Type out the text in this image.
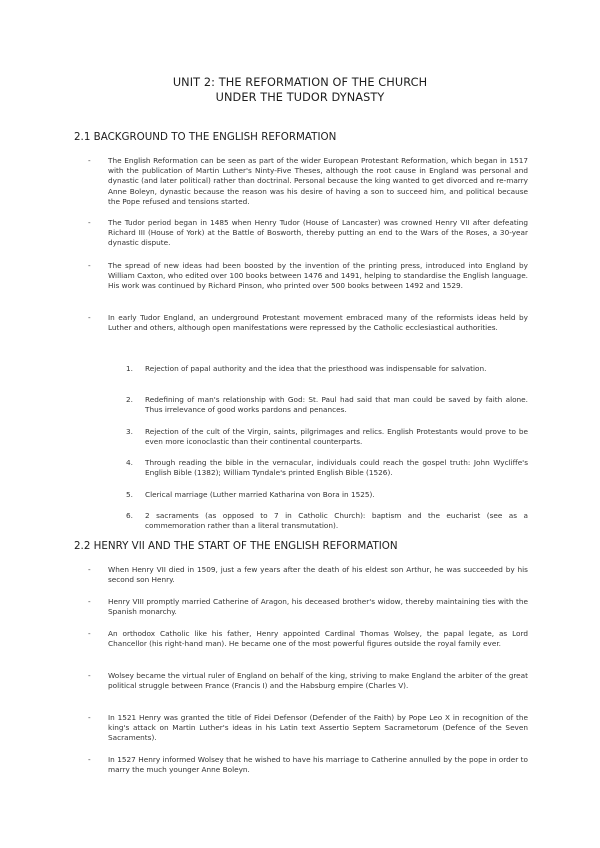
UNIT 2: THE REFORMATION OF THE CHURCH
UNDER THE TUDOR DYNASTY
2.1 BACKGROUND TO THE ENGLISH REFORMATION
- The English Reformation can be seen as part of the wider European Protestant Reformation, which began in 1517 with the publication of Martin Luther's Ninty-Five Theses, although the root cause in England was personal and dynastic (and later political) rather than doctrinal. Personal because the king wanted to get divorced and re-marry Anne Boleyn, dynastic because the reason was his desire of having a son to succeed him, and political because the Pope refused and tensions started.
- The Tudor period began in 1485 when Henry Tudor (House of Lancaster) was crowned Henry VII after defeating Richard III (House of York) at the Battle of Bosworth, thereby putting an end to the Wars of the Roses, a 30-year dynastic dispute.
- The spread of new ideas had been boosted by the invention of the printing press, introduced into England by William Caxton, who edited over 100 books between 1476 and 1491, helping to standardise the English language. His work was continued by Richard Pinson, who printed over 500 books between 1492 and 1529.
- In early Tudor England, an underground Protestant movement embraced many of the reformists ideas held by Luther and others, although open manifestations were repressed by the Catholic ecclesiastical authorities.
1. Rejection of papal authority and the idea that the priesthood was indispensable for salvation.
2. Redefining of man's relationship with God: St. Paul had said that man could be saved by faith alone. Thus irrelevance of good works pardons and penances.
3. Rejection of the cult of the Virgin, saints, pilgrimages and relics. English Protestants would prove to be even more iconoclastic than their continental counterparts.
4. Through reading the bible in the vernacular, individuals could reach the gospel truth: John Wycliffe's English Bible (1382); William Tyndale's printed English Bible (1526).
5. Clerical marriage (Luther married Katharina von Bora in 1525).
6. 2 sacraments (as opposed to 7 in Catholic Church): baptism and the eucharist (see as a commemoration rather than a literal transmutation).
2.2 HENRY VII AND THE START OF THE ENGLISH REFORMATION
- When Henry VII died in 1509, just a few years after the death of his eldest son Arthur, he was succeeded by his second son Henry.
- Henry VIII promptly married Catherine of Aragon, his deceased brother's widow, thereby maintaining ties with the Spanish monarchy.
- An orthodox Catholic like his father, Henry appointed Cardinal Thomas Wolsey, the papal legate, as Lord Chancellor (his right-hand man). He became one of the most powerful figures outside the royal family ever.
- Wolsey became the virtual ruler of England on behalf of the king, striving to make England the arbiter of the great political struggle between France (Francis I) and the Habsburg empire (Charles V).
- In 1521 Henry was granted the title of Fidei Defensor (Defender of the Faith) by Pope Leo X in recognition of the king's attack on Martin Luther's ideas in his Latin text Assertio Septem Sacrametorum (Defence of the Seven Sacraments).
- In 1527 Henry informed Wolsey that he wished to have his marriage to Catherine annulled by the pope in order to marry the much younger Anne Boleyn.
